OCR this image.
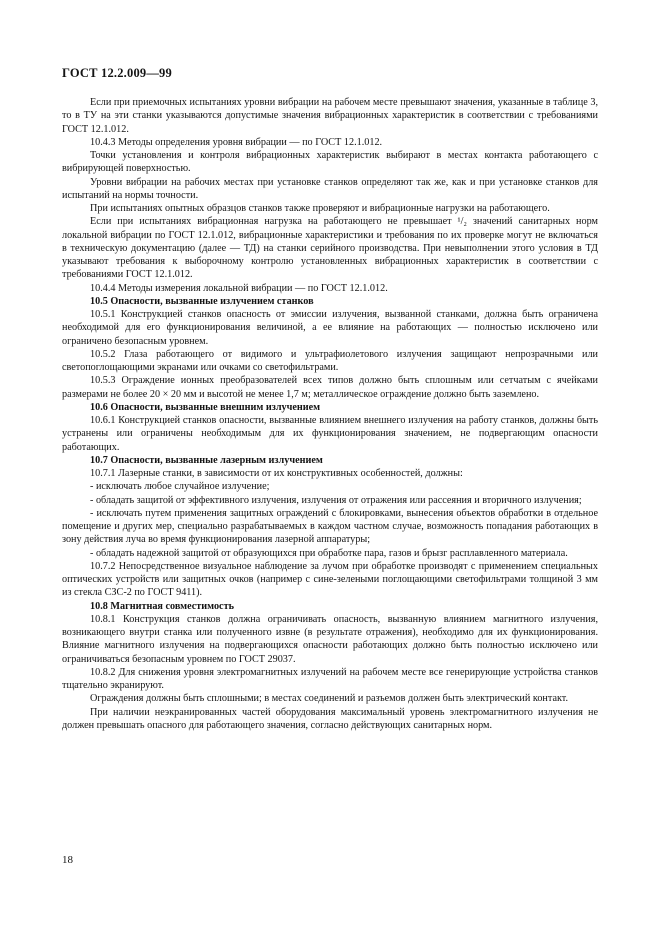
ГОСТ 12.2.009—99

Если при приемочных испытаниях уровни вибрации на рабочем месте превышают значения, указанные в таблице 3, то в ТУ на эти станки указываются допустимые значения вибрационных характеристик в соответствии с требованиями ГОСТ 12.1.012.

10.4.3 Методы определения уровня вибрации — по ГОСТ 12.1.012.

Точки установления и контроля вибрационных характеристик выбирают в местах контакта работающего с вибрирующей поверхностью.

Уровни вибрации на рабочих местах при установке станков определяют так же, как и при установке станков для испытаний на нормы точности.

При испытаниях опытных образцов станков также проверяют и вибрационные нагрузки на работающего.

Если при испытаниях вибрационная нагрузка на работающего не превышает ¹/₂ значений санитарных норм локальной вибрации по ГОСТ 12.1.012, вибрационные характеристики и требования по их проверке могут не включаться в техническую документацию (далее — ТД) на станки серийного производства. При невыполнении этого условия в ТД указывают требования к выборочному контролю установленных вибрационных характеристик в соответствии с требованиями ГОСТ 12.1.012.

10.4.4 Методы измерения локальной вибрации — по ГОСТ 12.1.012.

10.5 Опасности, вызванные излучением станков

10.5.1 Конструкцией станков опасность от эмиссии излучения, вызванной станками, должна быть ограничена необходимой для его функционирования величиной, а ее влияние на работающих — полностью исключено или ограничено безопасным уровнем.

10.5.2 Глаза работающего от видимого и ультрафиолетового излучения защищают непрозрачными или светопоглощающими экранами или очками со светофильтрами.

10.5.3 Ограждение ионных преобразователей всех типов должно быть сплошным или сетчатым с ячейками размерами не более 20 × 20 мм и высотой не менее 1,7 м; металлическое ограждение должно быть заземлено.

10.6 Опасности, вызванные внешним излучением

10.6.1 Конструкцией станков опасности, вызванные влиянием внешнего излучения на работу станков, должны быть устранены или ограничены необходимым для их функционирования значением, не подвергающим опасности работающих.

10.7 Опасности, вызванные лазерным излучением

10.7.1 Лазерные станки, в зависимости от их конструктивных особенностей, должны:

- исключать любое случайное излучение;

- обладать защитой от эффективного излучения, излучения от отражения или рассеяния и вторичного излучения;

- исключать путем применения защитных ограждений с блокировками, вынесения объектов обработки в отдельное помещение и других мер, специально разрабатываемых в каждом частном случае, возможность попадания работающих в зону действия луча во время функционирования лазерной аппаратуры;

- обладать надежной защитой от образующихся при обработке пара, газов и брызг расплавленного материала.

10.7.2 Непосредственное визуальное наблюдение за лучом при обработке производят с применением специальных оптических устройств или защитных очков (например с сине-зелеными поглощающими светофильтрами толщиной 3 мм из стекла СЗС-2 по ГОСТ 9411).

10.8 Магнитная совместимость

10.8.1 Конструкция станков должна ограничивать опасность, вызванную влиянием магнитного излучения, возникающего внутри станка или полученного извне (в результате отражения), необходимо для их функционирования. Влияние магнитного излучения на подвергающихся опасности работающих должно быть полностью исключено или ограничиваться безопасным уровнем по ГОСТ 29037.

10.8.2 Для снижения уровня электромагнитных излучений на рабочем месте все генерирующие устройства станков тщательно экранируют.

Ограждения должны быть сплошными; в местах соединений и разъемов должен быть электрический контакт.

При наличии неэкранированных частей оборудования максимальный уровень электромагнитного излучения не должен превышать опасного для работающего значения, согласно действующих санитарных норм.

18
